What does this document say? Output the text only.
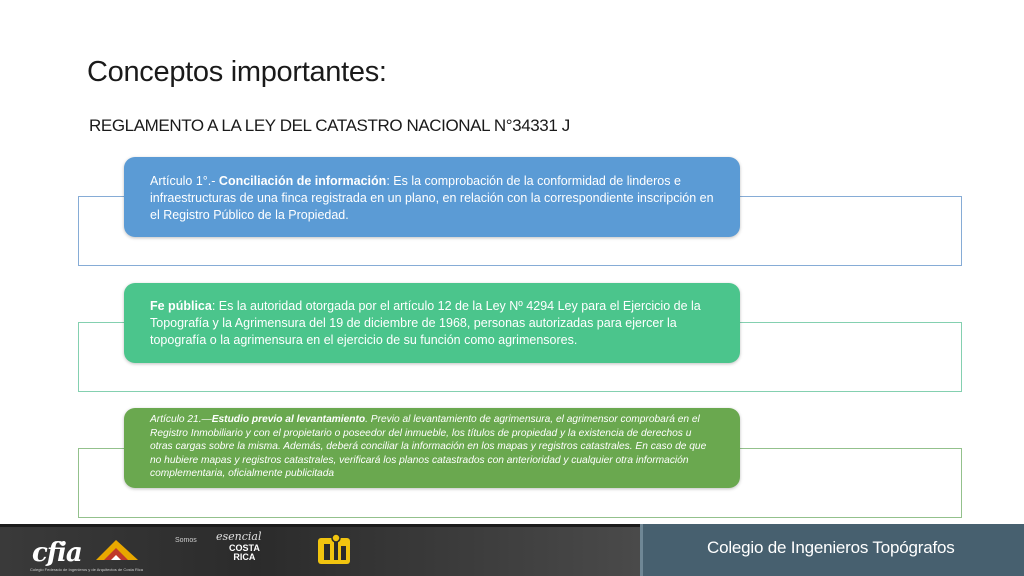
Conceptos importantes:
REGLAMENTO A LA LEY DEL CATASTRO NACIONAL N°34331 J
Artículo 1°.- Conciliación de información: Es la comprobación de la conformidad de linderos e infraestructuras de una finca registrada en un plano, en relación con la correspondiente inscripción en el Registro Público de la Propiedad.
Fe pública: Es la autoridad otorgada por el artículo 12 de la Ley Nº 4294 Ley para el Ejercicio de la Topografía y la Agrimensura del 19 de diciembre de 1968, personas autorizadas para ejercer la topografía o la agrimensura en el ejercicio de su función como agrimensores.
Artículo 21.—Estudio previo al levantamiento. Previo al levantamiento de agrimensura, el agrimensor comprobará en el Registro Inmobiliario y con el propietario o poseedor del inmueble, los títulos de propiedad y la existencia de derechos u otras cargas sobre la misma. Además, deberá conciliar la información en los mapas y registros catastrales. En caso de que no hubiere mapas y registros catastrales, verificará los planos catastrados con anterioridad y cualquier otra información complementaria, oficialmente publicitada
cfia
Colegio Federado de Ingenieros y de Arquitectos de Costa Rica
Somos esencial
COSTA
RICA	Colegio de Ingenieros Topógrafos
